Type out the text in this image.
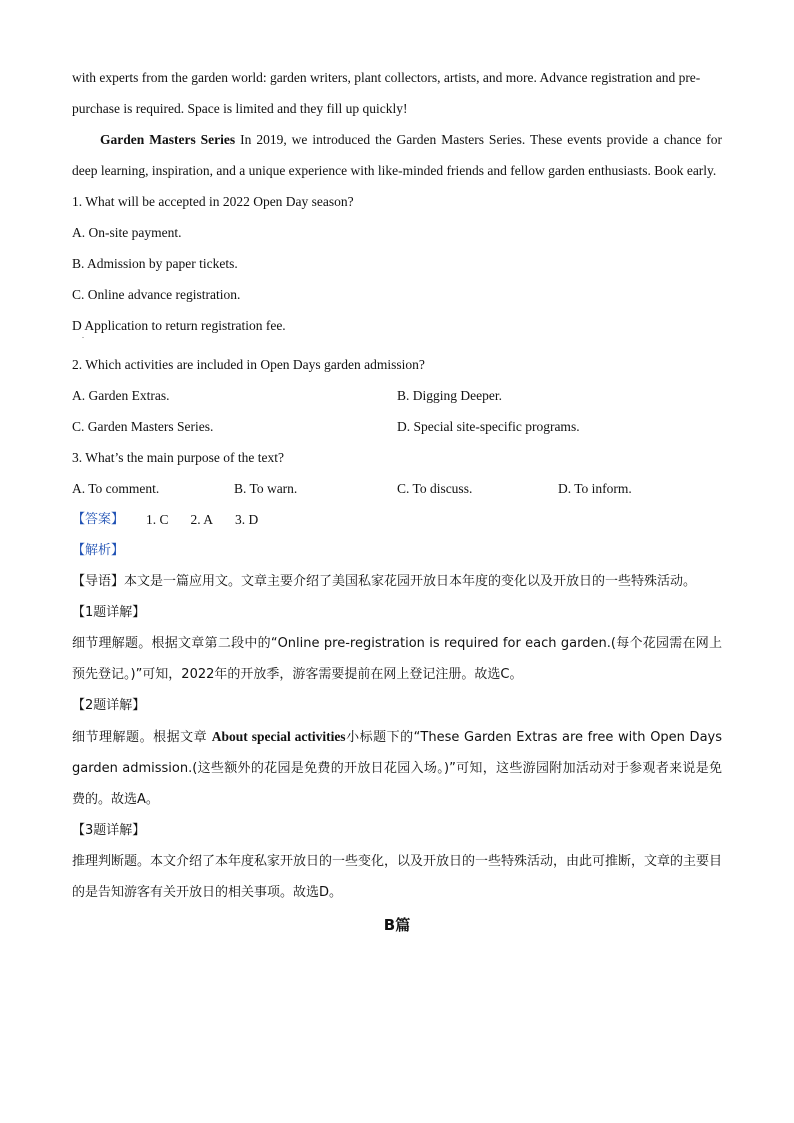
with experts from the garden world: garden writers, plant collectors, artists, and more. Advance registration and pre-
purchase is required. Space is limited and they fill up quickly!
Garden Masters Series In 2019, we introduced the Garden Masters Series. These events provide a chance for deep learning, inspiration, and a unique experience with like-minded friends and fellow garden enthusiasts. Book early.
1. What will be accepted in 2022 Open Day season?
A. On-site payment.
B. Admission by paper tickets.
C. Online advance registration.
D Application to return registration fee.
.
2. Which activities are included in Open Days garden admission?
A. Garden Extras.	B. Digging Deeper.
C. Garden Masters Series.	D. Special site-specific programs.
3. What’s the main purpose of the text?
A. To comment.	B. To warn.	C. To discuss.	D. To inform.
【答案】 1. C 2. A 3. D
【解析】
【导语】本文是一篇应用文。文章主要介绍了美国私家花园开放日本年度的变化以及开放日的一些特殊活动。
【1题详解】
细节理解题。根据文章第二段中的“Online pre-registration is required for each garden.(每个花园需在网上预先登记。)”可知，2022年的开放季，游客需要提前在网上登记注册。故选C。
【2题详解】
细节理解题。根据文章 About special activities小标题下的“These Garden Extras are free with Open Days garden admission.(这些额外的花园是免费的开放日花园入场。)”可知，这些游园附加活动对于参观者来说是免费的。故选A。
【3题详解】
推理判断题。本文介绍了本年度私家开放日的一些变化，以及开放日的一些特殊活动，由此可推断，文章的主要目的是告知游客有关开放日的相关事项。故选D。
B篇
